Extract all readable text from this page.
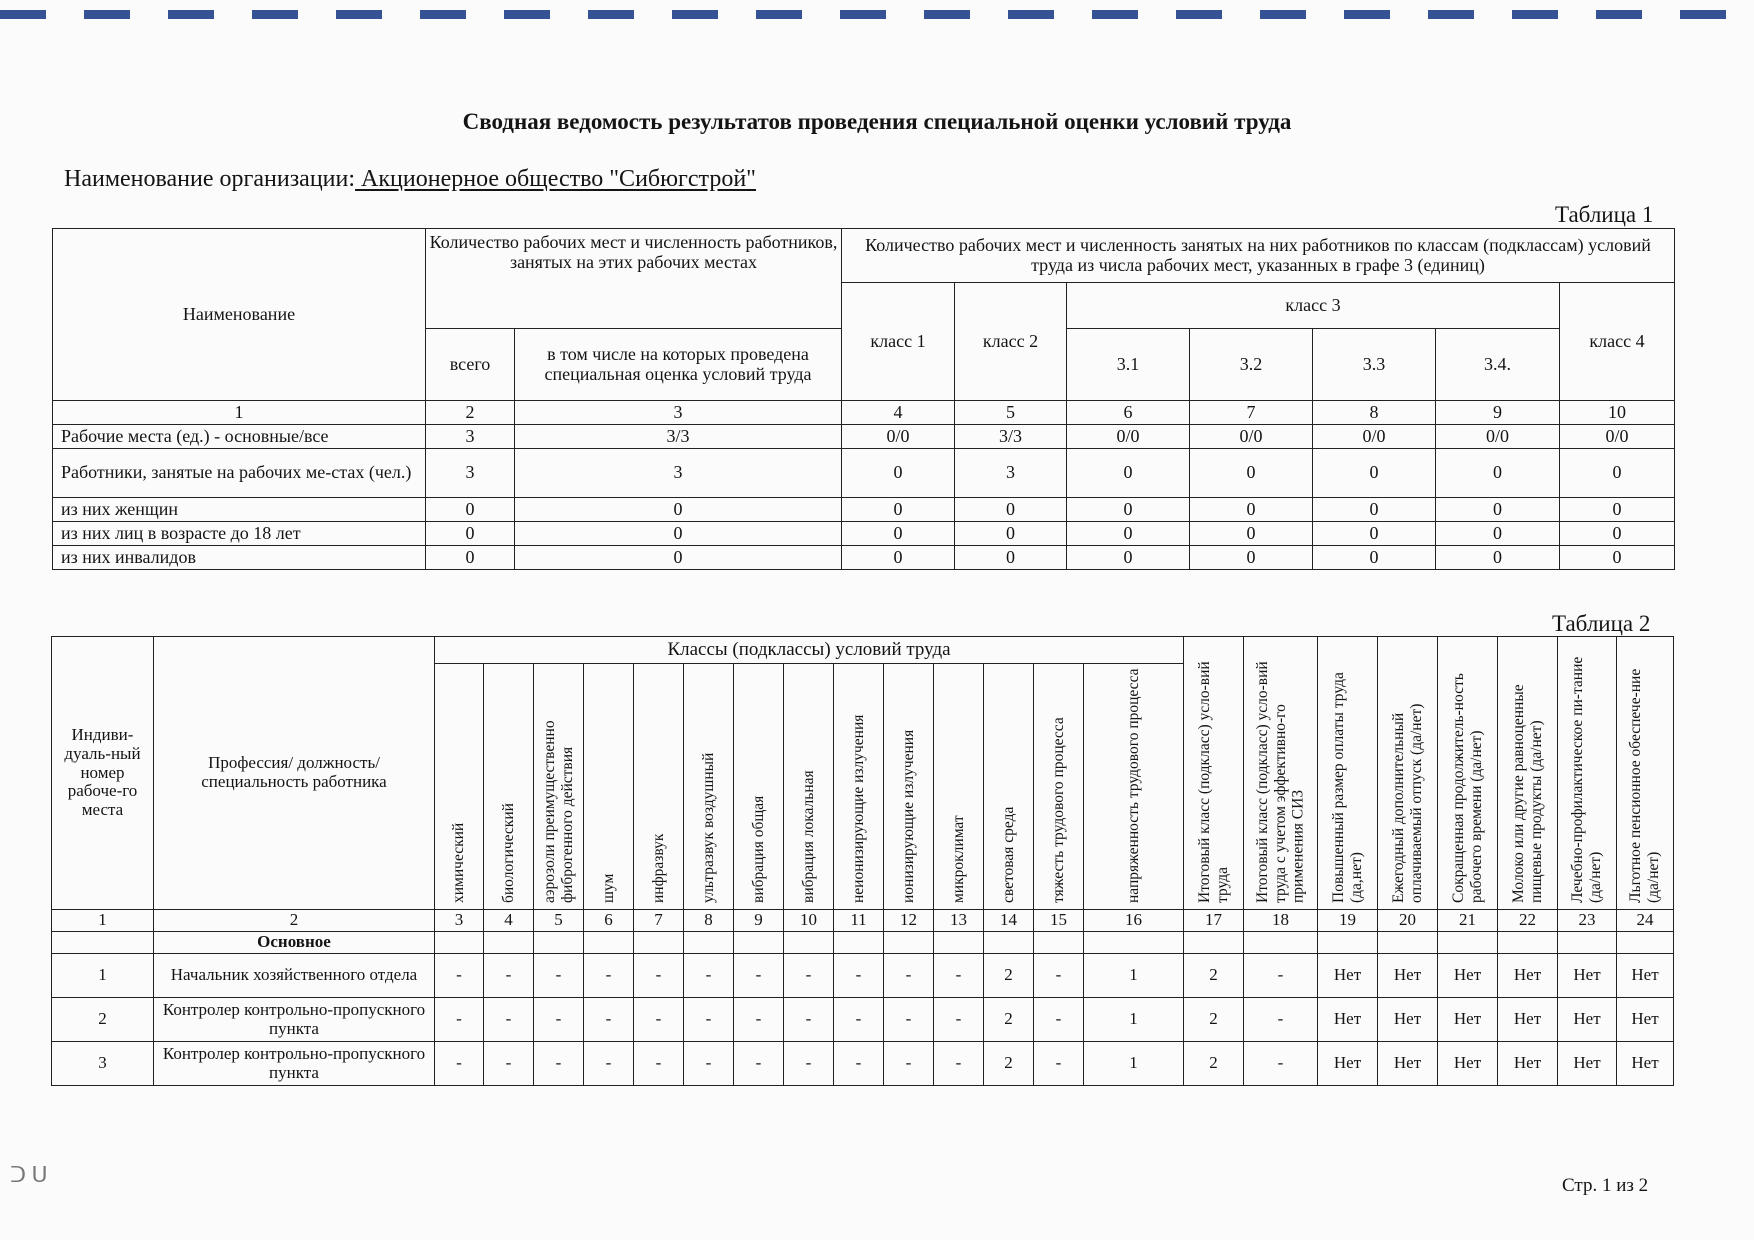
Сводная ведомость результатов проведения специальной оценки условий труда
Наименование организации: Акционерное общество "Сибюгстрой"
Таблица 1
Наименование	Количество рабочих мест и численность работников, занятых на этих рабочих местах		Количество рабочих мест и численность занятых на них работников по классам (подклассам) условий труда из числа рабочих мест, указанных в графе 3 (единиц)						
			класс 1	класс 2	класс 3				класс 4
	всего	в том числе на которых проведена специальная оценка условий труда			3.1	3.2	3.3	3.4.	
1	2	3	4	5	6	7	8	9	10
Рабочие места (ед.) - основные/все	3	3/3	0/0	3/3	0/0	0/0	0/0	0/0	0/0
Работники, занятые на рабочих ме-стах (чел.)	3	3	0	3	0	0	0	0	0
из них женщин	0	0	0	0	0	0	0	0	0
из них лиц в возрасте до 18 лет	0	0	0	0	0	0	0	0	0
из них инвалидов	0	0	0	0	0	0	0	0	0
Таблица 2
Индиви-дуаль-ный номер рабоче-го места	Профессия/ должность/ специальность работника	Классы (подклассы) условий труда														Итоговый класс (подкласс) усло-вий труда	Итоговый класс (подкласс) усло-вий труда с учетом эффективно-го применения СИЗ	Повышенный размер оплаты труда (да,нет)	Ежегодный дополнительный оплачиваемый отпуск (да/нет)	Сокращенная продолжитель-ность рабочего времени (да/нет)	Молоко или другие равноценные пищевые продукты (да/нет)	Лечебно-профилактическое пи-тание (да/нет)	Льготное пенсионное обеспече-ние (да/нет)

		химический	биологический	аэрозоли преимущественно фиброгенного действия	шум	инфразвук	ультразвук воздушный	вибрация общая	вибрация локальная	неионизирующие излучения	ионизирующие излучения	микроклимат	световая среда	тяжесть трудового процесса	напряженность трудового процесса								

1	2	3	4	5	6	7	8	9	10	11	12	13	14	15	16	17	18	19	20	21	22	23	24
	Основное																						
1	Начальник хозяйственного отдела	-	-	-	-	-	-	-	-	-	-	-	2	-	1	2	-	Нет	Нет	Нет	Нет	Нет	Нет
2	Контролер контрольно-пропускного пункта	-	-	-	-	-	-	-	-	-	-	-	2	-	1	2	-	Нет	Нет	Нет	Нет	Нет	Нет
3	Контролер контрольно-пропускного пункта	-	-	-	-	-	-	-	-	-	-	-	2	-	1	2	-	Нет	Нет	Нет	Нет	Нет	Нет
ᑐ ᑌ	Стр. 1 из 2
